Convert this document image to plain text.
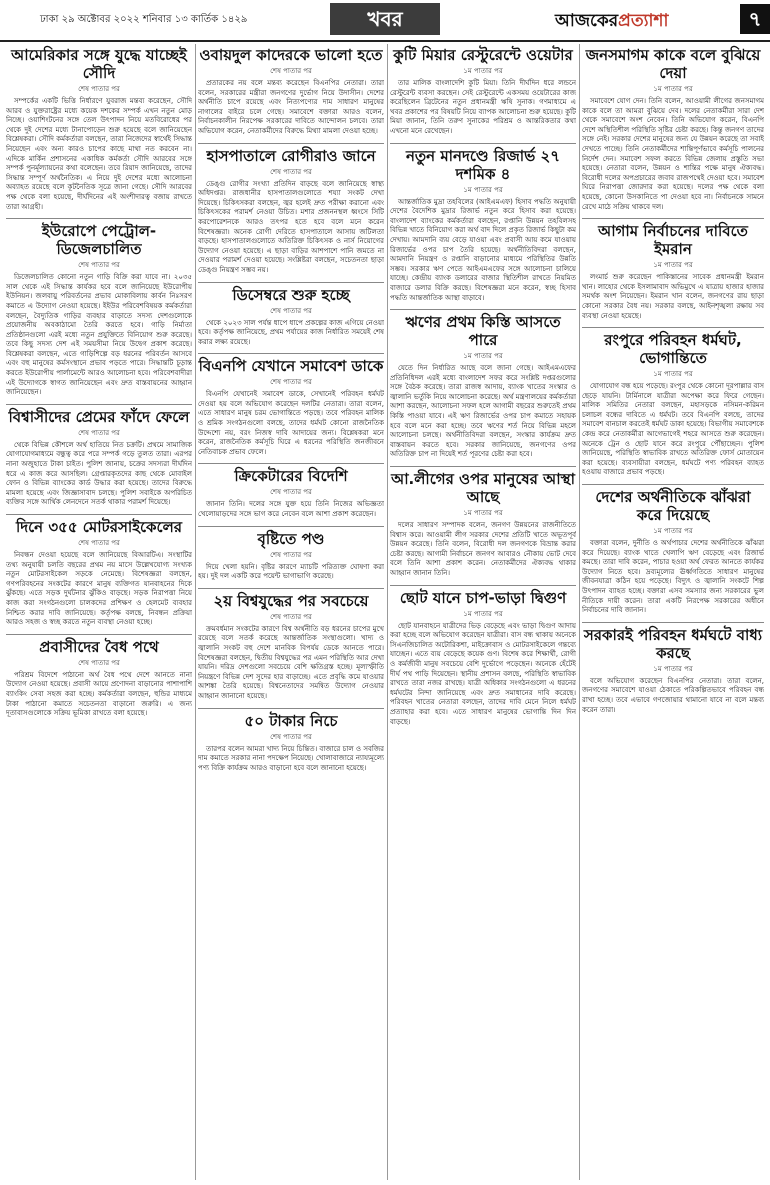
ঢাকা ২৯ অক্টোবর ২০২২ শনিবার ১৩ কার্তিক ১৪২৯	খবর	আজকেরপ্রত্যাশা	৭
আমেরিকার সঙ্গে যুদ্ধে যাচ্ছেই সৌদি
শেষ পাতার পর
সম্পর্কের একটি ভিত্তি নির্ধারণে যুবরাজ মন্তব্য করেছেন, সৌদি আরব ও যুক্তরাষ্ট্রের মধ্যে কয়েক দশকের সম্পর্ক এখন নতুন মোড় নিচ্ছে। ওয়াশিংটনের সঙ্গে তেল উৎপাদন নিয়ে মতবিরোধের পর থেকে দুই দেশের মধ্যে টানাপোড়েন শুরু হয়েছে বলে জানিয়েছেন বিশ্লেষকরা। সৌদি কর্মকর্তারা বলছেন, তারা নিজেদের স্বার্থেই সিদ্ধান্ত নিয়েছেন এবং অন্য কারও চাপের কাছে মাথা নত করবেন না। এদিকে মার্কিন প্রশাসনের একাধিক কর্মকর্তা সৌদি আরবের সঙ্গে সম্পর্ক পুনর্মূল্যায়নের কথা বলেছেন। তবে রিয়াদ জানিয়েছে, তাদের সিদ্ধান্ত সম্পূর্ণ অর্থনৈতিক। এ নিয়ে দুই দেশের মধ্যে আলোচনা অব্যাহত রয়েছে বলে কূটনৈতিক সূত্রে জানা গেছে। সৌদি আরবের পক্ষ থেকে বলা হয়েছে, দীর্ঘদিনের এই অংশীদারত্ব বজায় রাখতে তারা আগ্রহী।
ইউরোপে পেট্রোল-ডিজেলচালিত
শেষ পাতার পর
ডিজেলচালিত কোনো নতুন গাড়ি বিক্রি করা যাবে না। ২০৩৫ সাল থেকে এই সিদ্ধান্ত কার্যকর হবে বলে জানিয়েছে ইউরোপীয় ইউনিয়ন। জলবায়ু পরিবর্তনের প্রভাব মোকাবিলায় কার্বন নিঃসরণ কমাতে এ উদ্যোগ নেওয়া হয়েছে। ইইউর পরিবেশবিষয়ক কর্মকর্তারা বলছেন, বৈদ্যুতিক গাড়ির ব্যবহার বাড়াতে সদস্য দেশগুলোকে প্রয়োজনীয় অবকাঠামো তৈরি করতে হবে। গাড়ি নির্মাতা প্রতিষ্ঠানগুলো এরই মধ্যে নতুন প্রযুক্তিতে বিনিয়োগ শুরু করেছে। তবে কিছু সদস্য দেশ এই সময়সীমা নিয়ে উদ্বেগ প্রকাশ করেছে। বিশ্লেষকরা বলছেন, এতে গাড়িশিল্পে বড় ধরনের পরিবর্তন আসবে এবং বহু মানুষের কর্মসংস্থানে প্রভাব পড়তে পারে। সিদ্ধান্তটি চূড়ান্ত করতে ইউরোপীয় পার্লামেন্টে আরও আলোচনা হবে। পরিবেশবাদীরা এই উদ্যোগকে স্বাগত জানিয়েছেন এবং দ্রুত বাস্তবায়নের আহ্বান জানিয়েছেন।
বিশ্বাসীদের প্রেমের ফাঁদে ফেলে
শেষ পাতার পর
থেকে বিভিন্ন কৌশলে অর্থ হাতিয়ে নিত চক্রটি। প্রথমে সামাজিক যোগাযোগমাধ্যমে বন্ধুত্ব করে পরে সম্পর্ক গড়ে তুলত তারা। এরপর নানা অজুহাতে টাকা চাইত। পুলিশ জানায়, চক্রের সদস্যরা দীর্ঘদিন ধরে এ কাজ করে আসছিল। গ্রেপ্তারকৃতদের কাছ থেকে মোবাইল ফোন ও বিভিন্ন ব্যাংকের কার্ড উদ্ধার করা হয়েছে। তাদের বিরুদ্ধে মামলা হয়েছে এবং জিজ্ঞাসাবাদ চলছে। পুলিশ সবাইকে অপরিচিত ব্যক্তির সঙ্গে আর্থিক লেনদেনে সতর্ক থাকার পরামর্শ দিয়েছে।
দিনে ৩৫৫ মোটরসাইকেলের
শেষ পাতার পর
নিবন্ধন দেওয়া হয়েছে বলে জানিয়েছে বিআরটিএ। সংস্থাটির তথ্য অনুযায়ী চলতি বছরের প্রথম নয় মাসে উল্লেখযোগ্য সংখ্যক নতুন মোটরসাইকেল সড়কে নেমেছে। বিশেষজ্ঞরা বলছেন, গণপরিবহনের সংকটের কারণে মানুষ ব্যক্তিগত যানবাহনের দিকে ঝুঁকছে। এতে সড়ক দুর্ঘটনার ঝুঁকিও বাড়ছে। সড়ক নিরাপত্তা নিয়ে কাজ করা সংগঠনগুলো চালকদের প্রশিক্ষণ ও হেলমেট ব্যবহার নিশ্চিত করার দাবি জানিয়েছে। কর্তৃপক্ষ বলছে, নিবন্ধন প্রক্রিয়া আরও সহজ ও স্বচ্ছ করতে নতুন ব্যবস্থা নেওয়া হচ্ছে।
প্রবাসীদের বৈধ পথে
শেষ পাতার পর
পরিশ্রম বিদেশে পাঠানো অর্থ বৈধ পথে দেশে আনতে নানা উদ্যোগ নেওয়া হয়েছে। প্রবাসী আয়ে প্রণোদনা বাড়ানোর পাশাপাশি ব্যাংকিং সেবা সহজ করা হচ্ছে। কর্মকর্তারা বলছেন, হুন্ডির মাধ্যমে টাকা পাঠানো কমাতে সচেতনতা বাড়ানো জরুরি। এ জন্য দূতাবাসগুলোকে সক্রিয় ভূমিকা রাখতে বলা হয়েছে।
ওবায়দুল কাদেরকে ভালো হতে
শেষ পাতার পর
প্রতারকের নয় বলে মন্তব্য করেছেন বিএনপির নেতারা। তারা বলেন, সরকারের মন্ত্রীরা জনগণের দুর্ভোগ নিয়ে উদাসীন। দেশের অর্থনীতি চাপে রয়েছে এবং নিত্যপণ্যের দাম সাধারণ মানুষের নাগালের বাইরে চলে গেছে। সমাবেশে বক্তারা আরও বলেন, নির্বাচনকালীন নিরপেক্ষ সরকারের দাবিতে আন্দোলন চলবে। তারা অভিযোগ করেন, নেতাকর্মীদের বিরুদ্ধে মিথ্যা মামলা দেওয়া হচ্ছে।
হাসপাতালে রোগীরাও জানে
শেষ পাতার পর
ডেঙ্গু রোগীর সংখ্যা প্রতিদিন বাড়ছে বলে জানিয়েছে স্বাস্থ্য অধিদপ্তর। রাজধানীর হাসপাতালগুলোতে শয্যা সংকট দেখা দিয়েছে। চিকিৎসকরা বলছেন, জ্বর হলেই দ্রুত পরীক্ষা করানো এবং চিকিৎসকের পরামর্শ নেওয়া উচিত। মশার প্রজননস্থল ধ্বংসে সিটি করপোরেশনকে আরও তৎপর হতে হবে বলে মনে করেন বিশেষজ্ঞরা। অনেক রোগী দেরিতে হাসপাতালে আসায় জটিলতা বাড়ছে। হাসপাতালগুলোতে অতিরিক্ত চিকিৎসক ও নার্স নিয়োগের উদ্যোগ নেওয়া হয়েছে। এ ছাড়া বাড়ির আশপাশে পানি জমতে না দেওয়ার পরামর্শ দেওয়া হয়েছে। সংশ্লিষ্টরা বলছেন, সচেতনতা ছাড়া ডেঙ্গু নিয়ন্ত্রণ সম্ভব নয়।
ডিসেম্বরে শুরু হচ্ছে
শেষ পাতার পর
থেকে ২০২৩ সাল পর্যন্ত ধাপে ধাপে প্রকল্পের কাজ এগিয়ে নেওয়া হবে। কর্তৃপক্ষ জানিয়েছে, প্রথম পর্যায়ের কাজ নির্ধারিত সময়েই শেষ করার লক্ষ্য রয়েছে।
বিএনপি যেখানে সমাবেশ ডাকে
শেষ পাতার পর
বিএনপি যেখানেই সমাবেশ ডাকে, সেখানেই পরিবহন ধর্মঘট দেওয়া হয় বলে অভিযোগ করেছেন দলটির নেতারা। তারা বলেন, এতে সাধারণ মানুষ চরম ভোগান্তিতে পড়ছে। তবে পরিবহন মালিক ও শ্রমিক সংগঠনগুলো বলছে, তাদের ধর্মঘট কোনো রাজনৈতিক উদ্দেশ্যে নয়, বরং নিজস্ব দাবি আদায়ের জন্য। বিশ্লেষকরা মনে করেন, রাজনৈতিক কর্মসূচি ঘিরে এ ধরনের পরিস্থিতি জনজীবনে নেতিবাচক প্রভাব ফেলে।
ক্রিকেটারের বিদেশি
শেষ পাতার পর
জানান তিনি। দলের সঙ্গে যুক্ত হয়ে তিনি নিজের অভিজ্ঞতা খেলোয়াড়দের সঙ্গে ভাগ করে নেবেন বলে আশা প্রকাশ করেছেন।
বৃষ্টিতে পণ্ড
শেষ পাতার পর
দিয়ে খেলা হয়নি। বৃষ্টির কারণে ম্যাচটি পরিত্যক্ত ঘোষণা করা হয়। দুই দল একটি করে পয়েন্ট ভাগাভাগি করেছে।
২য় বিশ্বযুদ্ধের পর সবচেয়ে
শেষ পাতার পর
ক্রমবর্ধমান সংকটের কারণে বিশ্ব অর্থনীতি বড় ধরনের চাপের মুখে রয়েছে বলে সতর্ক করেছে আন্তর্জাতিক সংস্থাগুলো। খাদ্য ও জ্বালানি সংকট বহু দেশে মানবিক বিপর্যয় ডেকে আনতে পারে। বিশেষজ্ঞরা বলছেন, দ্বিতীয় বিশ্বযুদ্ধের পর এমন পরিস্থিতি আর দেখা যায়নি। দরিদ্র দেশগুলো সবচেয়ে বেশি ক্ষতিগ্রস্ত হচ্ছে। মূল্যস্ফীতি নিয়ন্ত্রণে বিভিন্ন দেশ সুদের হার বাড়াচ্ছে। এতে প্রবৃদ্ধি কমে যাওয়ার আশঙ্কা তৈরি হয়েছে। বিশ্বনেতাদের সমন্বিত উদ্যোগ নেওয়ার আহ্বান জানানো হয়েছে।
৫০ টাকার নিচে
শেষ পাতার পর
তারপর বলেন আমরা খাদ্য নিয়ে চিন্তিত। বাজারে চাল ও সবজির দাম কমাতে সরকার নানা পদক্ষেপ নিয়েছে। খোলাবাজারে ন্যায্যমূল্যে পণ্য বিক্রি কার্যক্রম আরও বাড়ানো হবে বলে জানানো হয়েছে।
কুটি মিয়ার রেস্টুরেন্টে ওয়েটার
১ম পাতার পর
তার মালিক বাংলাদেশি কুটি মিয়া। তিনি দীর্ঘদিন ধরে লন্ডনে রেস্টুরেন্ট ব্যবসা করছেন। সেই রেস্টুরেন্টে একসময় ওয়েটারের কাজ করেছিলেন ব্রিটেনের নতুন প্রধানমন্ত্রী ঋষি সুনাক। গণমাধ্যমে এ খবর প্রকাশের পর বিষয়টি নিয়ে ব্যাপক আলোচনা শুরু হয়েছে। কুটি মিয়া জানান, তিনি তরুণ সুনাকের পরিশ্রম ও আন্তরিকতার কথা এখনো মনে রেখেছেন।
নতুন মানদণ্ডে রিজার্ভ ২৭ দশমিক ৪
১ম পাতার পর
আন্তর্জাতিক মুদ্রা তহবিলের (আইএমএফ) হিসাব পদ্ধতি অনুযায়ী দেশের বৈদেশিক মুদ্রার রিজার্ভ নতুন করে হিসাব করা হয়েছে। বাংলাদেশ ব্যাংকের কর্মকর্তারা বলছেন, রপ্তানি উন্নয়ন তহবিলসহ বিভিন্ন খাতে বিনিয়োগ করা অর্থ বাদ দিলে প্রকৃত রিজার্ভ কিছুটা কম দেখায়। আমদানি ব্যয় বেড়ে যাওয়া এবং প্রবাসী আয় কমে যাওয়ায় রিজার্ভের ওপর চাপ তৈরি হয়েছে। অর্থনীতিবিদরা বলছেন, আমদানি নিয়ন্ত্রণ ও রপ্তানি বাড়ানোর মাধ্যমে পরিস্থিতির উন্নতি সম্ভব। সরকার ঋণ পেতে আইএমএফের সঙ্গে আলোচনা চালিয়ে যাচ্ছে। কেন্দ্রীয় ব্যাংক ডলারের বাজার স্থিতিশীল রাখতে নিয়মিত বাজারে ডলার বিক্রি করছে। বিশেষজ্ঞরা মনে করেন, স্বচ্ছ হিসাব পদ্ধতি আন্তর্জাতিক আস্থা বাড়াবে।
ঋণের প্রথম কিস্তি আসতে পারে
১ম পাতার পর
যেতে দিন নির্ধারিত আছে বলে জানা গেছে। আইএমএফের প্রতিনিধিদল এরই মধ্যে বাংলাদেশ সফর করে সংশ্লিষ্ট দপ্তরগুলোর সঙ্গে বৈঠক করেছে। তারা রাজস্ব আদায়, ব্যাংক খাতের সংস্কার ও জ্বালানি ভর্তুকি নিয়ে আলোচনা করেছে। অর্থ মন্ত্রণালয়ের কর্মকর্তারা আশা করছেন, আলোচনা সফল হলে আগামী বছরের শুরুতেই প্রথম কিস্তি পাওয়া যাবে। এই ঋণ রিজার্ভের ওপর চাপ কমাতে সহায়ক হবে বলে মনে করা হচ্ছে। তবে ঋণের শর্ত নিয়ে বিভিন্ন মহলে আলোচনা চলছে। অর্থনীতিবিদরা বলছেন, সংস্কার কার্যক্রম দ্রুত বাস্তবায়ন করতে হবে। সরকার জানিয়েছে, জনগণের ওপর অতিরিক্ত চাপ না দিয়েই শর্ত পূরণের চেষ্টা করা হবে।
আ.লীগের ওপর মানুষের আস্থা আছে
১ম পাতার পর
দলের সাধারণ সম্পাদক বলেন, জনগণ উন্নয়নের রাজনীতিতে বিশ্বাস করে। আওয়ামী লীগ সরকার দেশের প্রতিটি খাতে অভূতপূর্ব উন্নয়ন করেছে। তিনি বলেন, বিরোধী দল জনগণকে বিভ্রান্ত করার চেষ্টা করছে। আগামী নির্বাচনে জনগণ আবারও নৌকায় ভোট দেবে বলে তিনি আশা প্রকাশ করেন। নেতাকর্মীদের ঐক্যবদ্ধ থাকার আহ্বান জানান তিনি।
ছোট যানে চাপ-ভাড়া দ্বিগুণ
১ম পাতার পর
ছোট যানবাহনে যাত্রীদের ভিড় বেড়েছে এবং ভাড়া দ্বিগুণ আদায় করা হচ্ছে বলে অভিযোগ করেছেন যাত্রীরা। বাস বন্ধ থাকায় অনেকে সিএনজিচালিত অটোরিকশা, মাইক্রোবাস ও মোটরসাইকেলে গন্তব্যে যাচ্ছেন। এতে ব্যয় বেড়েছে কয়েক গুণ। বিশেষ করে শিক্ষার্থী, রোগী ও কর্মজীবী মানুষ সবচেয়ে বেশি দুর্ভোগে পড়েছেন। অনেকে হেঁটেই দীর্ঘ পথ পাড়ি দিয়েছেন। স্থানীয় প্রশাসন বলছে, পরিস্থিতি স্বাভাবিক রাখতে তারা নজর রাখছে। যাত্রী অধিকার সংগঠনগুলো এ ধরনের ধর্মঘটের নিন্দা জানিয়েছে এবং দ্রুত সমাধানের দাবি করেছে। পরিবহন খাতের নেতারা বলছেন, তাদের দাবি মেনে নিলে ধর্মঘট প্রত্যাহার করা হবে। এতে সাধারণ মানুষের ভোগান্তি দিন দিন বাড়ছে।
জনসমাগম কাকে বলে বুঝিয়ে দেয়া
১ম পাতার পর
সমাবেশে যোগ দেন। তিনি বলেন, আওয়ামী লীগের জনসমাগম কাকে বলে তা আমরা বুঝিয়ে দেব। দলের নেতাকর্মীরা সারা দেশ থেকে সমাবেশে অংশ নেবেন। তিনি অভিযোগ করেন, বিএনপি দেশে অস্থিতিশীল পরিস্থিতি সৃষ্টির চেষ্টা করছে। কিন্তু জনগণ তাদের সঙ্গে নেই। সরকার দেশের মানুষের জন্য যে উন্নয়ন করেছে তা সবাই দেখতে পাচ্ছে। তিনি নেতাকর্মীদের শান্তিপূর্ণভাবে কর্মসূচি পালনের নির্দেশ দেন। সমাবেশ সফল করতে বিভিন্ন জেলায় প্রস্তুতি সভা হয়েছে। নেতারা বলেন, উন্নয়ন ও শান্তির পক্ষে মানুষ ঐক্যবদ্ধ। বিরোধী দলের অপপ্রচারের জবাব রাজপথেই দেওয়া হবে। সমাবেশ ঘিরে নিরাপত্তা জোরদার করা হয়েছে। দলের পক্ষ থেকে বলা হয়েছে, কোনো উসকানিতে পা দেওয়া হবে না। নির্বাচনকে সামনে রেখে মাঠে সক্রিয় থাকবে দল।
আগাম নির্বাচনের দাবিতে ইমরান
১ম পাতার পর
লংমার্চ শুরু করেছেন পাকিস্তানের সাবেক প্রধানমন্ত্রী ইমরান খান। লাহোর থেকে ইসলামাবাদ অভিমুখে এ যাত্রায় হাজার হাজার সমর্থক অংশ নিয়েছেন। ইমরান খান বলেন, জনগণের রায় ছাড়া কোনো সরকার বৈধ নয়। সরকার বলছে, আইনশৃঙ্খলা রক্ষায় সব ব্যবস্থা নেওয়া হয়েছে।
রংপুরে পরিবহন ধর্মঘট, ভোগান্তিতে
১ম পাতার পর
যোগাযোগ বন্ধ হয়ে পড়েছে। রংপুর থেকে কোনো দূরপাল্লার বাস ছেড়ে যায়নি। টার্মিনালে যাত্রীরা অপেক্ষা করে ফিরে গেছেন। মালিক সমিতির নেতারা বলছেন, মহাসড়কে নসিমন-করিমন চলাচল বন্ধের দাবিতে এ ধর্মঘট। তবে বিএনপি বলছে, তাদের সমাবেশ বানচাল করতেই ধর্মঘট ডাকা হয়েছে। বিভাগীয় সমাবেশকে কেন্দ্র করে নেতাকর্মীরা আগেভাগেই শহরে আসতে শুরু করেছেন। অনেকে ট্রেন ও ছোট যানে করে রংপুরে পৌঁছাচ্ছেন। পুলিশ জানিয়েছে, পরিস্থিতি স্বাভাবিক রাখতে অতিরিক্ত ফোর্স মোতায়েন করা হয়েছে। ব্যবসায়ীরা বলছেন, ধর্মঘটে পণ্য পরিবহন ব্যাহত হওয়ায় বাজারে প্রভাব পড়ছে।
দেশের অর্থনীতিকে ঝাঁঝরা করে দিয়েছে
১ম পাতার পর
বক্তারা বলেন, দুর্নীতি ও অর্থপাচার দেশের অর্থনীতিকে ঝাঁঝরা করে দিয়েছে। ব্যাংক খাতে খেলাপি ঋণ বেড়েছে এবং রিজার্ভ কমছে। তারা দাবি করেন, পাচার হওয়া অর্থ ফেরত আনতে কার্যকর উদ্যোগ নিতে হবে। দ্রব্যমূল্যের ঊর্ধ্বগতিতে সাধারণ মানুষের জীবনযাত্রা কঠিন হয়ে পড়েছে। বিদ্যুৎ ও জ্বালানি সংকটে শিল্প উৎপাদন ব্যাহত হচ্ছে। বক্তারা এসব সমস্যার জন্য সরকারের ভুল নীতিকে দায়ী করেন। তারা একটি নিরপেক্ষ সরকারের অধীনে নির্বাচনের দাবি জানান।
সরকারই পরিবহন ধর্মঘটে বাধ্য করছে
১ম পাতার পর
বলে অভিযোগ করেছেন বিএনপির নেতারা। তারা বলেন, জনগণের সমাবেশে যাওয়া ঠেকাতে পরিকল্পিতভাবে পরিবহন বন্ধ রাখা হচ্ছে। তবে এভাবে গণজোয়ার থামানো যাবে না বলে মন্তব্য করেন তারা।
